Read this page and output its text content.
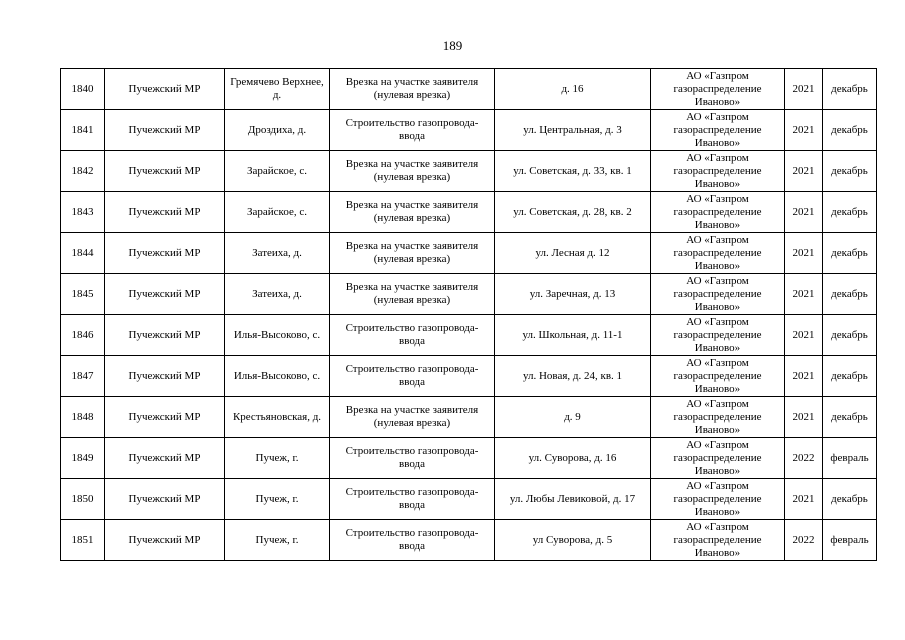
189
1840	Пучежский МР	Гремячево Верхнее, д.	Врезка на участке заявителя (нулевая врезка)	д. 16	АО «Газпром газораспределение Иваново»	2021	декабрь
1841	Пучежский МР	Дроздиха, д.	Строительство газопровода-ввода	ул. Центральная, д. 3	АО «Газпром газораспределение Иваново»	2021	декабрь
1842	Пучежский МР	Зарайское, с.	Врезка на участке заявителя (нулевая врезка)	ул. Советская, д. 33, кв. 1	АО «Газпром газораспределение Иваново»	2021	декабрь
1843	Пучежский МР	Зарайское, с.	Врезка на участке заявителя (нулевая врезка)	ул. Советская, д. 28, кв. 2	АО «Газпром газораспределение Иваново»	2021	декабрь
1844	Пучежский МР	Затеиха, д.	Врезка на участке заявителя (нулевая врезка)	ул. Лесная д. 12	АО «Газпром газораспределение Иваново»	2021	декабрь
1845	Пучежский МР	Затеиха, д.	Врезка на участке заявителя (нулевая врезка)	ул. Заречная, д. 13	АО «Газпром газораспределение Иваново»	2021	декабрь
1846	Пучежский МР	Илья-Высоково, с.	Строительство газопровода-ввода	ул. Школьная, д. 11-1	АО «Газпром газораспределение Иваново»	2021	декабрь
1847	Пучежский МР	Илья-Высоково, с.	Строительство газопровода-ввода	ул. Новая, д. 24, кв. 1	АО «Газпром газораспределение Иваново»	2021	декабрь
1848	Пучежский МР	Крестьяновская, д.	Врезка на участке заявителя (нулевая врезка)	д. 9	АО «Газпром газораспределение Иваново»	2021	декабрь
1849	Пучежский МР	Пучеж, г.	Строительство газопровода-ввода	ул. Суворова, д. 16	АО «Газпром газораспределение Иваново»	2022	февраль
1850	Пучежский МР	Пучеж, г.	Строительство газопровода-ввода	ул. Любы Левиковой, д. 17	АО «Газпром газораспределение Иваново»	2021	декабрь
1851	Пучежский МР	Пучеж, г.	Строительство газопровода-ввода	ул Суворова, д. 5	АО «Газпром газораспределение Иваново»	2022	февраль
